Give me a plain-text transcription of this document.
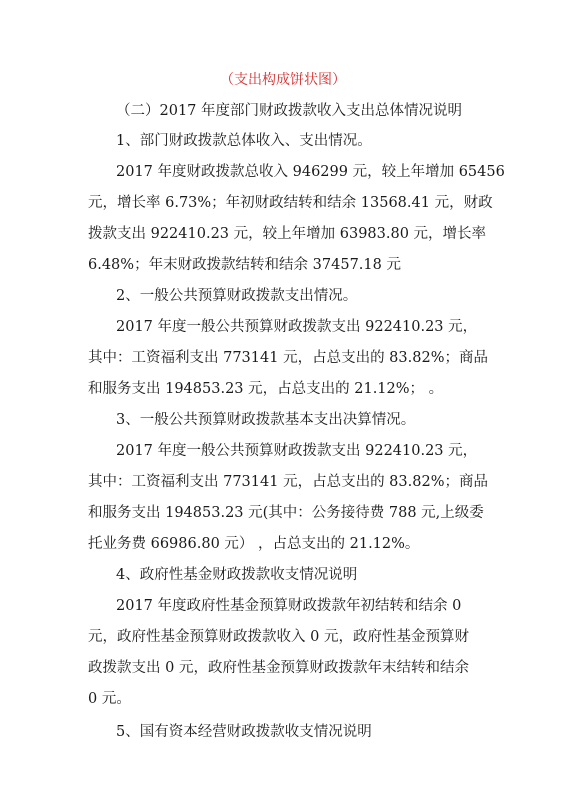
（支出构成饼状图）
（二）2017 年度部门财政拨款收入支出总体情况说明
1、部门财政拨款总体收入、支出情况。
2017 年度财政拨款总收入 946299 元，较上年增加 65456
元，增长率 6.73%；年初财政结转和结余 13568.41 元，财政
拨款支出 922410.23 元，较上年增加 63983.80 元，增长率
6.48%；年末财政拨款结转和结余 37457.18 元
2、一般公共预算财政拨款支出情况。
2017 年度一般公共预算财政拨款支出 922410.23 元，
其中：工资福利支出 773141 元，占总支出的 83.82%；商品
和服务支出 194853.23 元，占总支出的 21.12%； 。
3、一般公共预算财政拨款基本支出决算情况。
2017 年度一般公共预算财政拨款支出 922410.23 元，
其中：工资福利支出 773141 元，占总支出的 83.82%；商品
和服务支出 194853.23 元(其中：公务接待费 788 元,上级委
托业务费 66986.80 元） ，占总支出的 21.12%。
4、政府性基金财政拨款收支情况说明
2017 年度政府性基金预算财政拨款年初结转和结余 0
元，政府性基金预算财政拨款收入 0 元，政府性基金预算财
政拨款支出 0 元，政府性基金预算财政拨款年末结转和结余
0 元。
5、国有资本经营财政拨款收支情况说明
